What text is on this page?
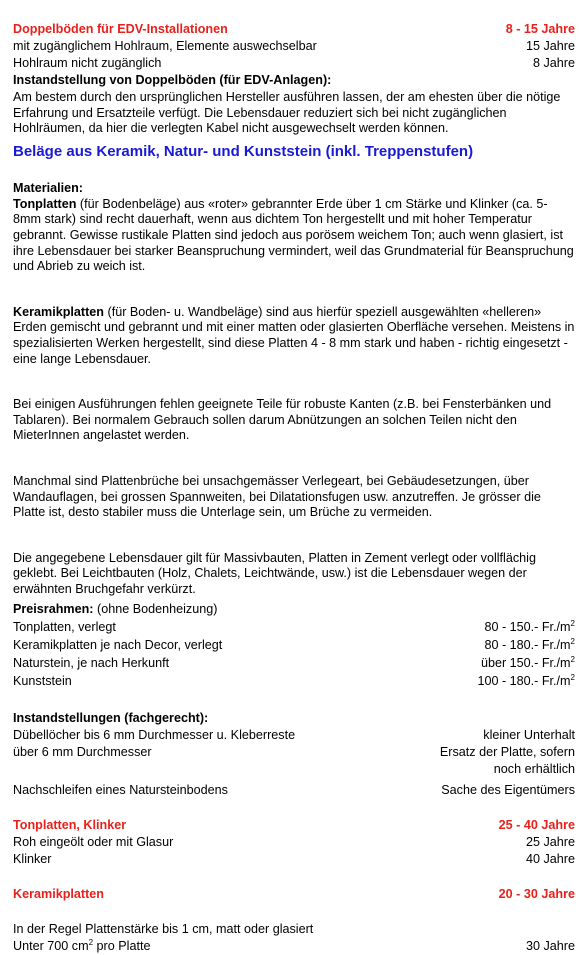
Doppelböden für EDV-Installationen	8 - 15 Jahre
mit zugänglichem Hohlraum, Elemente auswechselbar	15 Jahre
Hohlraum nicht zugänglich	8 Jahre
Instandstellung von Doppelböden (für EDV-Anlagen):
Am bestem durch den ursprünglichen Hersteller ausführen lassen, der am ehesten über die nötige Erfahrung und Ersatzteile verfügt. Die Lebensdauer reduziert sich bei nicht zugänglichen Hohlräumen, da hier die verlegten Kabel nicht ausgewechselt werden können.
Beläge aus Keramik, Natur- und Kunststein (inkl. Treppenstufen)
Materialien:
Tonplatten (für Bodenbeläge) aus «roter» gebrannter Erde über 1 cm Stärke und Klinker (ca. 5-8mm stark) sind recht dauerhaft, wenn aus dichtem Ton hergestellt und mit hoher Temperatur gebrannt. Gewisse rustikale Platten sind jedoch aus porösem weichem Ton; auch wenn glasiert, ist ihre Lebensdauer bei starker Beanspruchung vermindert, weil das Grundmaterial für Beanspruchung und Abrieb zu weich ist.
Keramikplatten (für Boden- u. Wandbeläge) sind aus hierfür speziell ausgewählten «helleren» Erden gemischt und gebrannt und mit einer matten oder glasierten Oberfläche versehen. Meistens in spezialisierten Werken hergestellt, sind diese Platten 4 - 8 mm stark und haben - richtig eingesetzt - eine lange Lebensdauer.
Bei einigen Ausführungen fehlen geeignete Teile für robuste Kanten (z.B. bei Fensterbänken und Tablaren). Bei normalem Gebrauch sollen darum Abnützungen an solchen Teilen nicht den MieterInnen angelastet werden.
Manchmal sind Plattenbrüche bei unsachgemässer Verlegeart, bei Gebäudesetzungen, über Wandauflagen, bei grossen Spannweiten, bei Dilatationsfugen usw. anzutreffen. Je grösser die Platte ist, desto stabiler muss die Unterlage sein, um Brüche zu vermeiden.
Die angegebene Lebensdauer gilt für Massivbauten, Platten in Zement verlegt oder vollflächig geklebt. Bei Leichtbauten (Holz, Chalets, Leichtwände, usw.) ist die Lebensdauer wegen der erwähnten Bruchgefahr verkürzt.
Preisrahmen: (ohne Bodenheizung)
Tonplatten, verlegt	80 - 150.- $Fr./m^2$
Keramikplatten je nach Decor, verlegt	80 - 180.- $Fr./m^2$
Naturstein, je nach Herkunft	über 150.- $Fr./m^2$
Kunststein	100 - 180.- $Fr./m^2$
Instandstellungen (fachgerecht):
Dübellöcher bis 6 mm Durchmesser u. Kleberreste	kleiner Unterhalt
über 6 mm Durchmesser	Ersatz der Platte, sofern
noch erhältlich
Nachschleifen eines Natursteinbodens	Sache des Eigentümers
Tonplatten, Klinker	25 - 40 Jahre
Roh eingeölt oder mit Glasur	25 Jahre
Klinker	40 Jahre
Keramikplatten	20 - 30 Jahre
In der Regel Plattenstärke bis 1 cm, matt oder glasiert
Unter 700 $cm^2$ pro Platte	30 Jahre
